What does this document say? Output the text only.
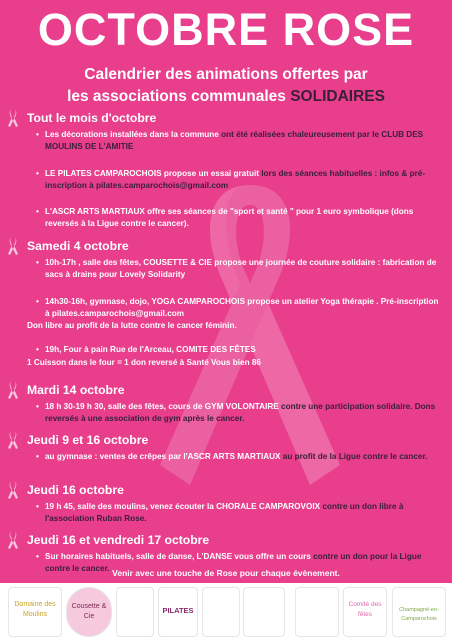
OCTOBRE ROSE
Calendrier des animations offertes par
les associations communales SOLIDAIRES
Tout le mois d'octobre
• Les décorations installées dans la commune ont été réalisées chaleureusement par le CLUB DES MOULINS DE L'AMITIE
• LE PILATES CAMPAROCHOIS propose un essai gratuit lors des séances habituelles : infos & pré-inscription à pilates.camparochois@gmail.com
• L'ASCR ARTS MARTIAUX offre ses séances de "sport et santé " pour 1 euro symbolique (dons reversés à la Ligue contre le cancer).
Samedi 4 octobre
• 10h-17h , salle des fêtes, COUSETTE & CIE propose une journée de couture solidaire : fabrication de sacs à drains pour Lovely Solidarity
• 14h30-16h, gymnase, dojo, YOGA CAMPAROCHOIS propose un atelier Yoga thérapie . Pré-inscription à pilates.camparochois@gmail.com
Don libre au profit de la lutte contre le cancer féminin.
• 19h, Four à pain Rue de l'Arceau, COMITE DES FÊTES
1 Cuisson dans le four = 1 don reversé à Santé Vous bien 86
Mardi 14 octobre
• 18 h 30-19 h 30, salle des fêtes, cours de GYM VOLONTAIRE contre une participation solidaire. Dons reversés à une association de gym après le cancer.
Jeudi 9 et 16 octobre
• au gymnase : ventes de crêpes par l'ASCR ARTS MARTIAUX au profit de la Ligue contre le cancer.
Jeudi 16 octobre
• 19 h 45, salle des moulins, venez écouter la CHORALE CAMPAROVOIX contre un don libre à l'association Ruban Rose.
Jeudi 16 et vendredi 17 octobre
• Sur horaires habituels, salle de danse, L'DANSE vous offre un cours contre un don pour la Ligue contre le cancer. Venir avec une touche de Rose pour chaque évènement.
Domaine des Moulins
Cousette & Cie
PILATES
Comité des fêtes
Champagné-en-Camparochois
